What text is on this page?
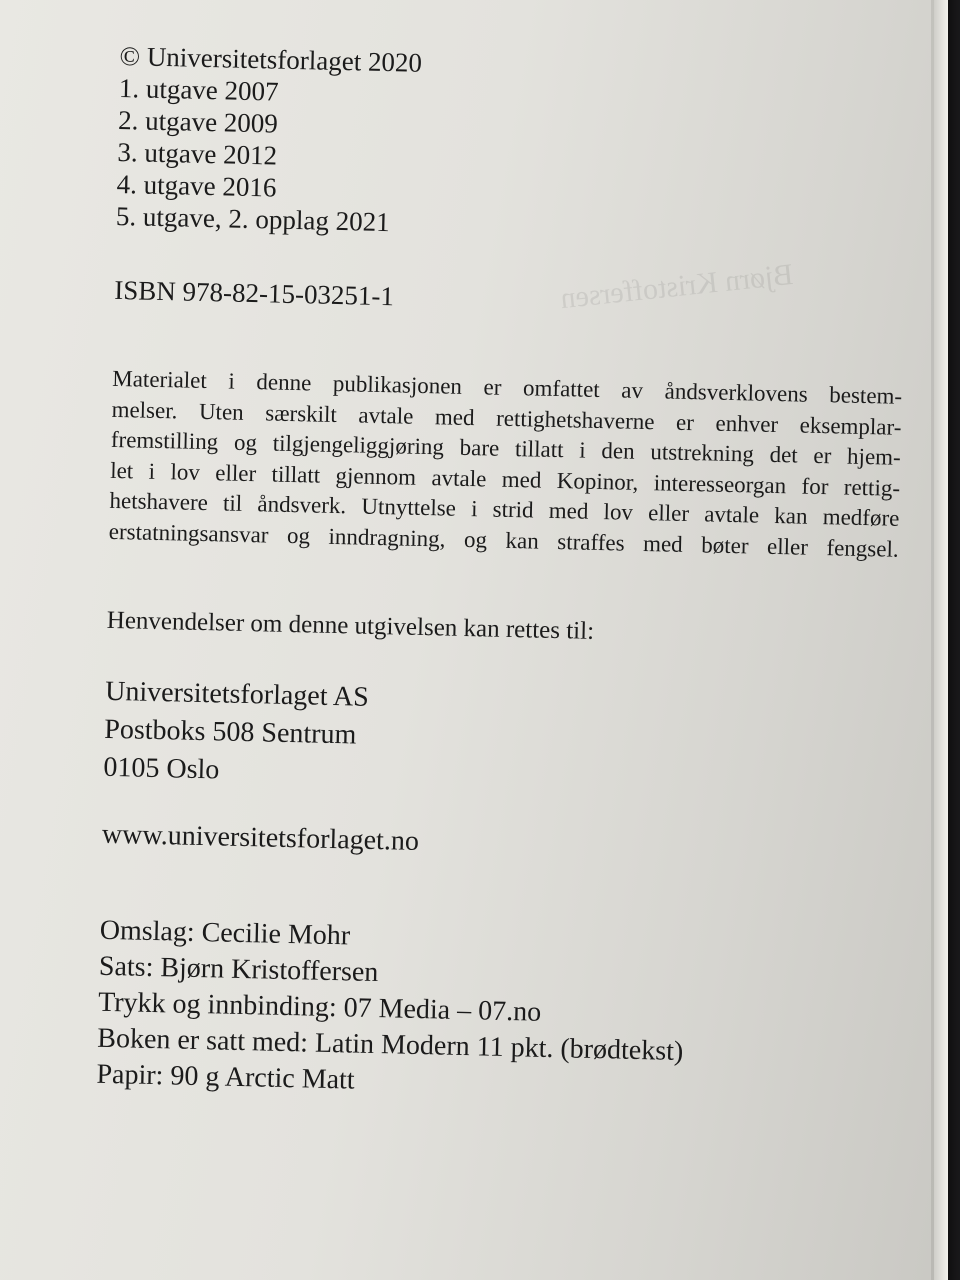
Bjørn Kristoffersen

© Universitetsforlaget 2020

1. utgave 2007

2. utgave 2009

3. utgave 2012

4. utgave 2016

5. utgave, 2. opplag 2021

ISBN 978-82-15-03251-1

Materialet i denne publikasjonen er omfattet av åndsverklovens bestem-
melser. Uten særskilt avtale med rettighetshaverne er enhver eksemplar-
fremstilling og tilgjengeliggjøring bare tillatt i den utstrekning det er hjem-
let i lov eller tillatt gjennom avtale med Kopinor, interesseorgan for rettig-
hetshavere til åndsverk. Utnyttelse i strid med lov eller avtale kan medføre
erstatningsansvar og inndragning, og kan straffes med bøter eller fengsel.

Henvendelser om denne utgivelsen kan rettes til:

Universitetsforlaget AS

Postboks 508 Sentrum

0105 Oslo

www.universitetsforlaget.no

Omslag: Cecilie Mohr

Sats: Bjørn Kristoffersen

Trykk og innbinding: 07 Media – 07.no

Boken er satt med: Latin Modern 11 pkt. (brødtekst)

Papir: 90 g Arctic Matt
